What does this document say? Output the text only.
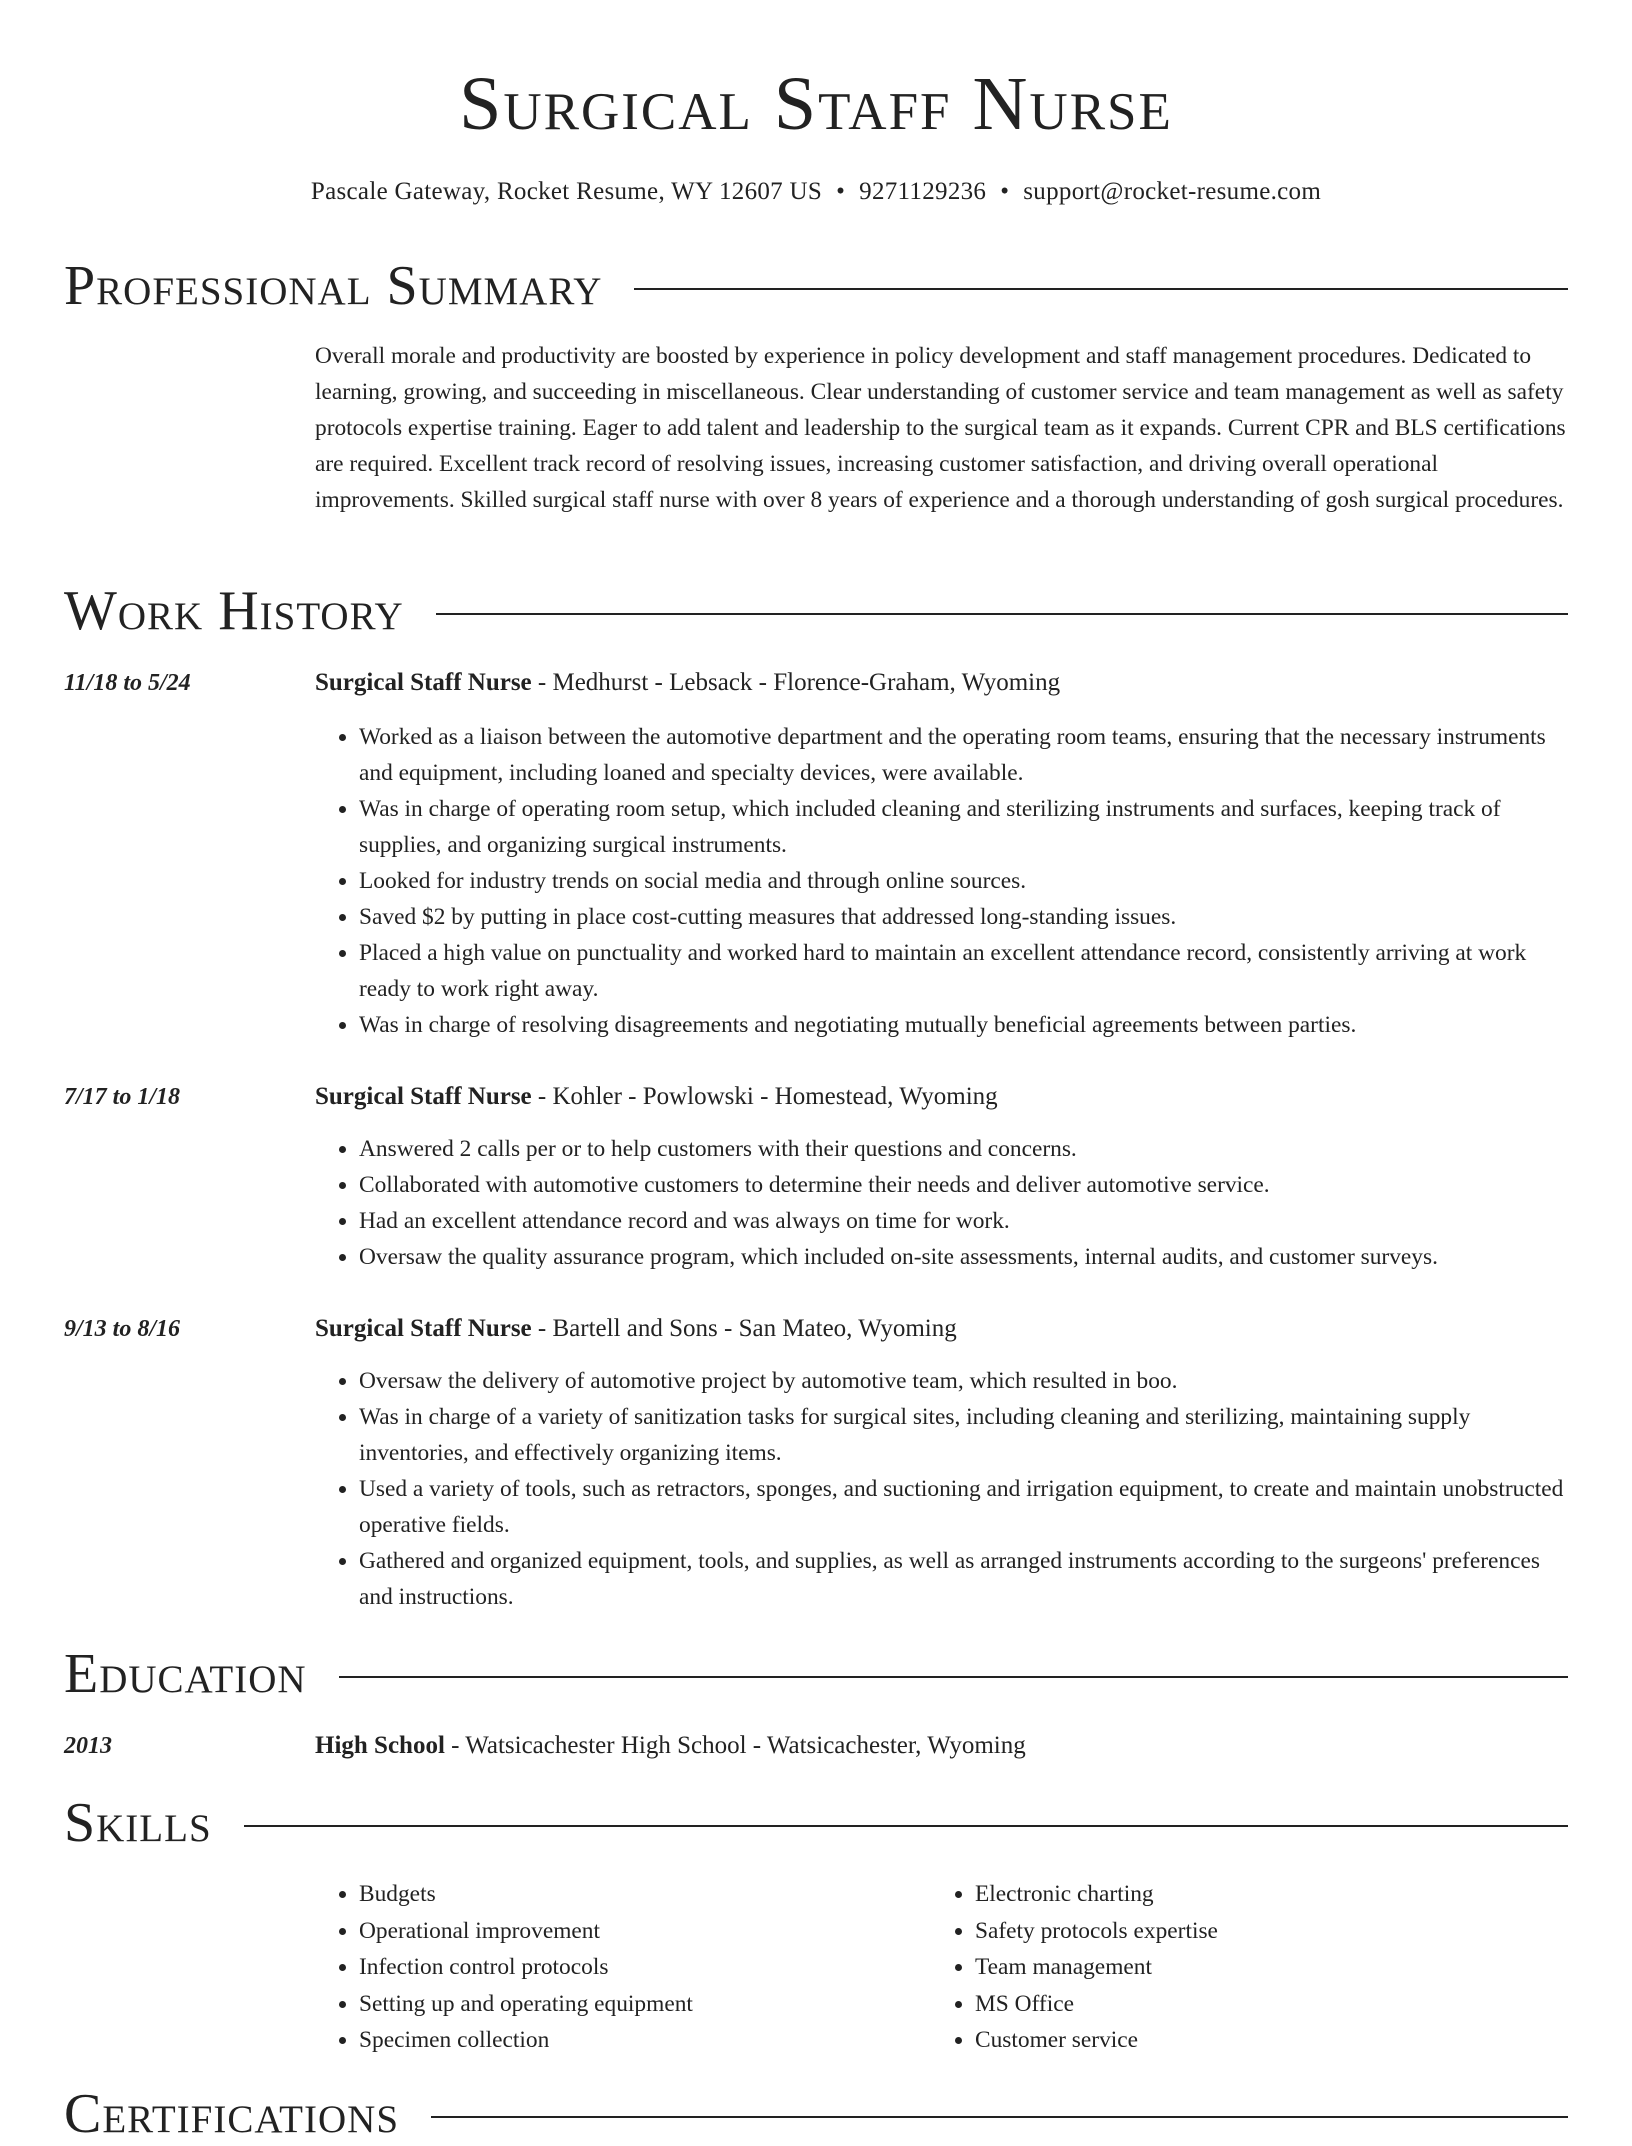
Surgical Staff Nurse
Pascale Gateway, Rocket Resume, WY 12607 US • 9271129236 • support@rocket-resume.com
Professional Summary

Overall morale and productivity are boosted by experience in policy development and staff management procedures. Dedicated to learning, growing, and succeeding in miscellaneous. Clear understanding of customer service and team management as well as safety protocols expertise training. Eager to add talent and leadership to the surgical team as it expands. Current CPR and BLS certifications are required. Excellent track record of resolving issues, increasing customer satisfaction, and driving overall operational improvements. Skilled surgical staff nurse with over 8 years of experience and a thorough understanding of gosh surgical procedures.

Work History
11/18 to 5/24	Surgical Staff Nurse - Medhurst - Lebsack - Florence-Graham, Wyoming
• Worked as a liaison between the automotive department and the operating room teams, ensuring that the necessary instruments and equipment, including loaned and specialty devices, were available.
• Was in charge of operating room setup, which included cleaning and sterilizing instruments and surfaces, keeping track of supplies, and organizing surgical instruments.
• Looked for industry trends on social media and through online sources.
• Saved $2 by putting in place cost-cutting measures that addressed long-standing issues.
• Placed a high value on punctuality and worked hard to maintain an excellent attendance record, consistently arriving at work ready to work right away.
• Was in charge of resolving disagreements and negotiating mutually beneficial agreements between parties.
7/17 to 1/18	Surgical Staff Nurse - Kohler - Powlowski - Homestead, Wyoming
• Answered 2 calls per or to help customers with their questions and concerns.
• Collaborated with automotive customers to determine their needs and deliver automotive service.
• Had an excellent attendance record and was always on time for work.
• Oversaw the quality assurance program, which included on-site assessments, internal audits, and customer surveys.
9/13 to 8/16	Surgical Staff Nurse - Bartell and Sons - San Mateo, Wyoming
• Oversaw the delivery of automotive project by automotive team, which resulted in boo.
• Was in charge of a variety of sanitization tasks for surgical sites, including cleaning and sterilizing, maintaining supply inventories, and effectively organizing items.
• Used a variety of tools, such as retractors, sponges, and suctioning and irrigation equipment, to create and maintain unobstructed operative fields.
• Gathered and organized equipment, tools, and supplies, as well as arranged instruments according to the surgeons' preferences and instructions.
Education
2013	High School - Watsicachester High School - Watsicachester, Wyoming
Skills
• Budgets
• Operational improvement
• Infection control protocols
• Setting up and operating equipment
• Specimen collection
• Electronic charting
• Safety protocols expertise
• Team management
• MS Office
• Customer service
Certifications
